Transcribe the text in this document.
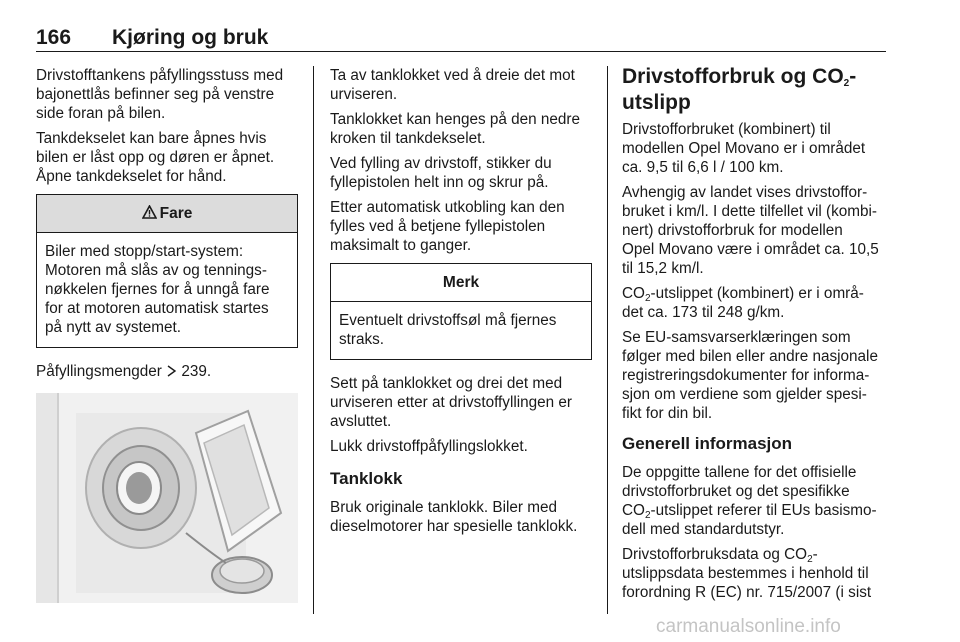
166 Kjøring og bruk

Drivstofftankens påfyllingsstuss med
bajonettlås befinner seg på venstre
side foran på bilen.

Tankdekselet kan bare åpnes hvis
bilen er låst opp og døren er åpnet.
Åpne tankdekselet for hånd.

Fare
Biler med stopp/start-system:
Motoren må slås av og tennings-
nøkkelen fjernes for å unngå fare
for at motoren automatisk startes
på nytt av systemet.

Påfyllingsmengder 239.

Ta av tanklokket ved å dreie det mot
urviseren.

Tanklokket kan henges på den nedre
kroken til tankdekselet.

Ved fylling av drivstoff, stikker du
fyllepistolen helt inn og skrur på.

Etter automatisk utkobling kan den
fylles ved å betjene fyllepistolen
maksimalt to ganger.

Merk
Eventuelt drivstoffsøl må fjernes
straks.

Sett på tanklokket og drei det med
urviseren etter at drivstoffyllingen er
avsluttet.

Lukk drivstoffpåfyllingslokket.

Tanklokk

Bruk originale tanklokk. Biler med
dieselmotorer har spesielle tanklokk.

Drivstofforbruk og $CO_2-$
utslipp

Drivstofforbruket (kombinert) til
modellen Opel Movano er i området
ca. 9,5 til 6,6 l / 100 km.

Avhengig av landet vises drivstoffor-
bruket i km/l. I dette tilfellet vil (kombi-
nert) drivstofforbruk for modellen
Opel Movano være i området ca. 10,5
til 15,2 km/l.

$CO_2$-utslippet (kombinert) er i områ-
det ca. 173 til 248 g/km.

Se EU-samsvarserklæringen som
følger med bilen eller andre nasjonale
registreringsdokumenter for informa-
sjon om verdiene som gjelder spesi-
fikt for din bil.

Generell informasjon

De oppgitte tallene for det offisielle
drivstofforbruket og det spesifikke
$CO_2$-utslippet referer til EUs basismo-
dell med standardutstyr.

Drivstofforbruksdata og $CO_2-$
utslippsdata bestemmes i henhold til
forordning R (EC) nr. 715/2007 (i sist

carmanualsonline.info
